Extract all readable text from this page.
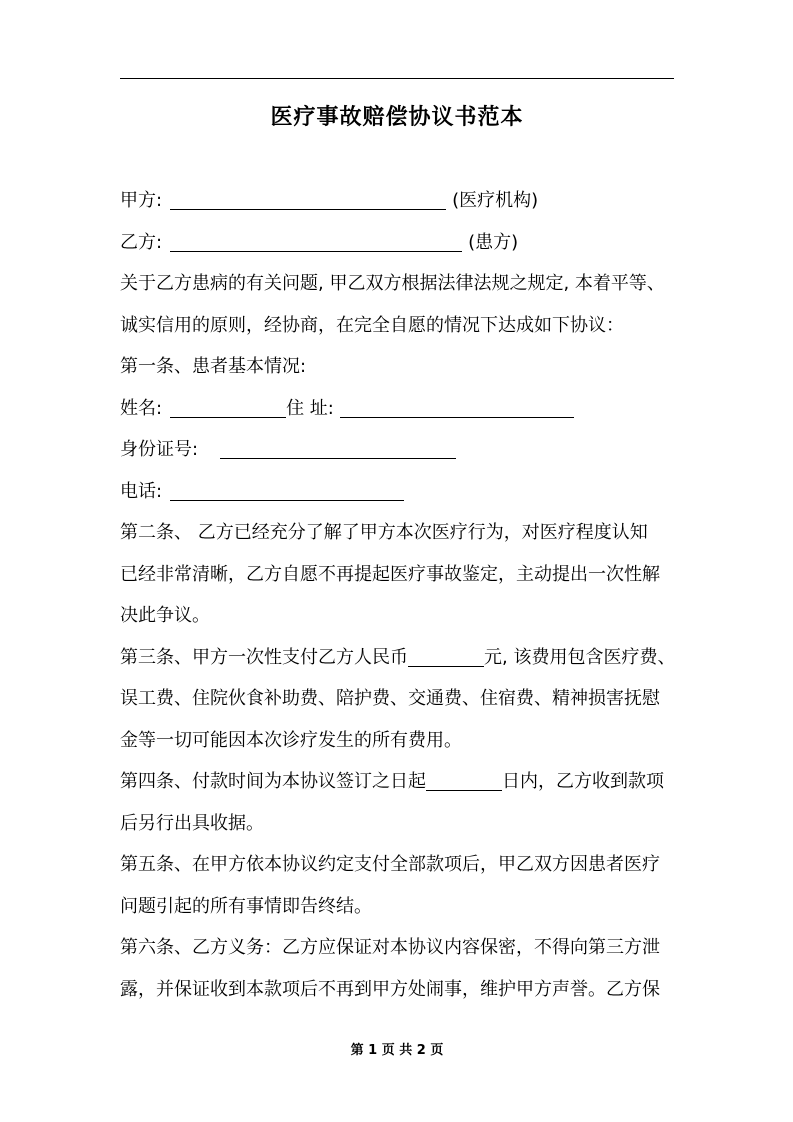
医疗事故赔偿协议书范本
甲方:	(医疗机构)
乙方:	(患方)
关于乙方患病的有关问题, 甲乙双方根据法律法规之规定, 本着平等、
诚实信用的原则，经协商，在完全自愿的情况下达成如下协议：
第一条、患者基本情况:
姓名:	住 址:
身份证号:
电话:
第二条、 乙方已经充分了解了甲方本次医疗行为，对医疗程度认知
已经非常清晰，乙方自愿不再提起医疗事故鉴定，主动提出一次性解
决此争议。
第三条、甲方一次性支付乙方人民币	元, 该费用包含医疗费、
误工费、住院伙食补助费、陪护费、交通费、住宿费、精神损害抚慰
金等一切可能因本次诊疗发生的所有费用。
第四条、付款时间为本协议签订之日起	日内，乙方收到款项
后另行出具收据。
第五条、在甲方依本协议约定支付全部款项后，甲乙双方因患者医疗
问题引起的所有事情即告终结。
第六条、乙方义务：乙方应保证对本协议内容保密，不得向第三方泄
露，并保证收到本款项后不再到甲方处闹事，维护甲方声誉。乙方保
第 1 页 共 2 页
